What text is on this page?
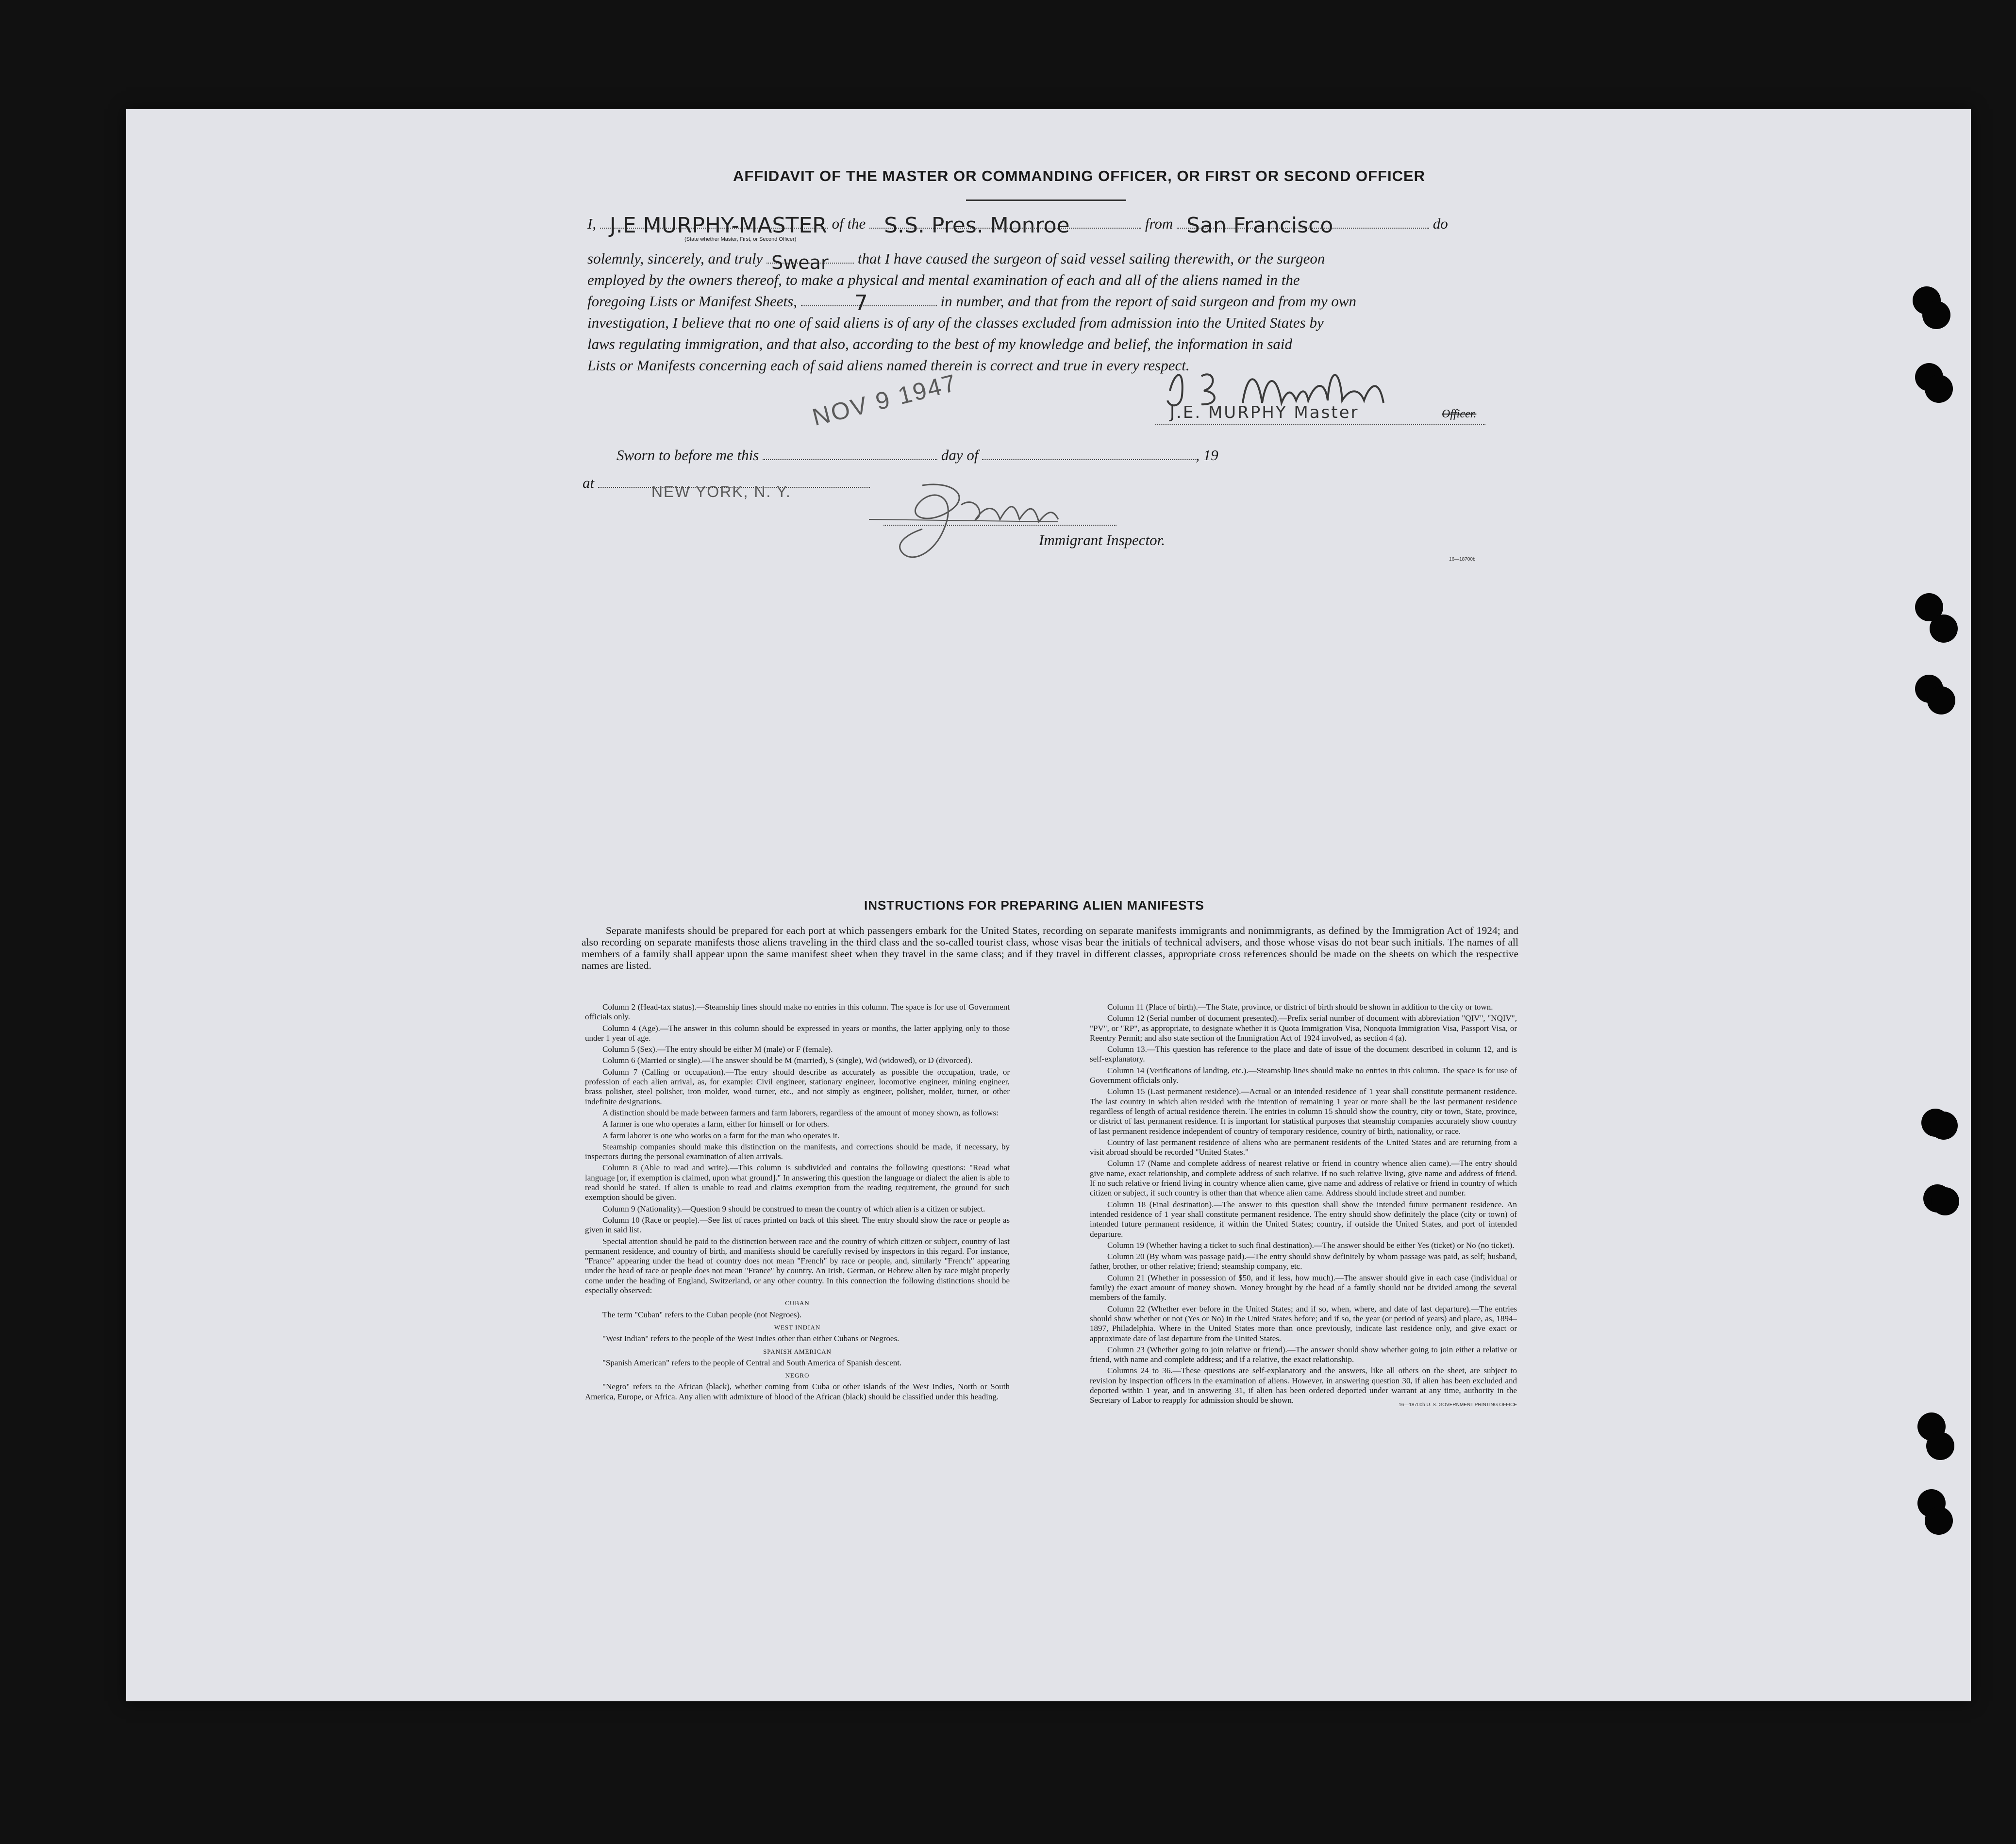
AFFIDAVIT OF THE MASTER OR COMMANDING OFFICER, OR FIRST OR SECOND OFFICER
I, J.E MURPHY-MASTER of the S.S. Pres. Monroe	from San Francisco	do
(State whether Master, First, or Second Officer)
solemnly, sincerely, and truly Swear that I have caused the surgeon of said vessel sailing therewith, or the surgeon
employed by the owners thereof, to make a physical and mental examination of each and all of the aliens named in the
foregoing Lists or Manifest Sheets,	7	in number, and that from the report of said surgeon and from my own
investigation, I believe that no one of said aliens is of any of the classes excluded from admission into the United States by
laws regulating immigration, and that also, according to the best of my knowledge and belief, the information in said
Lists or Manifests concerning each of said aliens named therein is correct and true in every respect.
J.E. MURPHY Master	Officer.
NOV 9 1947
Sworn to before me this	day of	, 19
at
NEW YORK, N. Y.
Immigrant Inspector.
16—18700b
INSTRUCTIONS FOR PREPARING ALIEN MANIFESTS
Separate manifests should be prepared for each port at which passengers embark for the United States, recording on separate manifests immigrants and nonimmigrants, as defined by the Immigration Act of 1924; and also recording on separate manifests those aliens traveling in the third class and the so-called tourist class, whose visas bear the initials of technical advisers, and those whose visas do not bear such initials. The names of all members of a family shall appear upon the same manifest sheet when they travel in the same class; and if they travel in different classes, appropriate cross references should be made on the sheets on which the respective names are listed.

Column 2 (Head-tax status).—Steamship lines should make no entries in this column. The space is for use of Government officials only.

Column 4 (Age).—The answer in this column should be expressed in years or months, the latter applying only to those under 1 year of age.

Column 5 (Sex).—The entry should be either M (male) or F (female).

Column 6 (Married or single).—The answer should be M (married), S (single), Wd (widowed), or D (divorced).

Column 7 (Calling or occupation).—The entry should describe as accurately as possible the occupation, trade, or profession of each alien arrival, as, for example: Civil engineer, stationary engineer, locomotive engineer, mining engineer, brass polisher, steel polisher, iron molder, wood turner, etc., and not simply as engineer, polisher, molder, turner, or other indefinite designations.

A distinction should be made between farmers and farm laborers, regardless of the amount of money shown, as follows:

A farmer is one who operates a farm, either for himself or for others.

A farm laborer is one who works on a farm for the man who operates it.

Steamship companies should make this distinction on the manifests, and corrections should be made, if necessary, by inspectors during the personal examination of alien arrivals.

Column 8 (Able to read and write).—This column is subdivided and contains the following questions: "Read what language [or, if exemption is claimed, upon what ground]." In answering this question the language or dialect the alien is able to read should be stated. If alien is unable to read and claims exemption from the reading requirement, the ground for such exemption should be given.

Column 9 (Nationality).—Question 9 should be construed to mean the country of which alien is a citizen or subject.

Column 10 (Race or people).—See list of races printed on back of this sheet. The entry should show the race or people as given in said list.

Special attention should be paid to the distinction between race and the country of which citizen or subject, country of last permanent residence, and country of birth, and manifests should be carefully revised by inspectors in this regard. For instance, "France" appearing under the head of country does not mean "French" by race or people, and, similarly "French" appearing under the head of race or people does not mean "France" by country. An Irish, German, or Hebrew alien by race might properly come under the heading of England, Switzerland, or any other country. In this connection the following distinctions should be especially observed:

CUBAN

The term "Cuban" refers to the Cuban people (not Negroes).

WEST INDIAN

"West Indian" refers to the people of the West Indies other than either Cubans or Negroes.

SPANISH AMERICAN

"Spanish American" refers to the people of Central and South America of Spanish descent.

NEGRO

"Negro" refers to the African (black), whether coming from Cuba or other islands of the West Indies, North or South America, Europe, or Africa. Any alien with admixture of blood of the African (black) should be classified under this heading.

Column 11 (Place of birth).—The State, province, or district of birth should be shown in addition to the city or town.

Column 12 (Serial number of document presented).—Prefix serial number of document with abbreviation "QIV", "NQIV", "PV", or "RP", as appropriate, to designate whether it is Quota Immigration Visa, Nonquota Immigration Visa, Passport Visa, or Reentry Permit; and also state section of the Immigration Act of 1924 involved, as section 4 (a).

Column 13.—This question has reference to the place and date of issue of the document described in column 12, and is self-explanatory.

Column 14 (Verifications of landing, etc.).—Steamship lines should make no entries in this column. The space is for use of Government officials only.

Column 15 (Last permanent residence).—Actual or an intended residence of 1 year shall constitute permanent residence. The last country in which alien resided with the intention of remaining 1 year or more shall be the last permanent residence regardless of length of actual residence therein. The entries in column 15 should show the country, city or town, State, province, or district of last permanent residence. It is important for statistical purposes that steamship companies accurately show country of last permanent residence independent of country of temporary residence, country of birth, nationality, or race.

Country of last permanent residence of aliens who are permanent residents of the United States and are returning from a visit abroad should be recorded "United States."

Column 17 (Name and complete address of nearest relative or friend in country whence alien came).—The entry should give name, exact relationship, and complete address of such relative. If no such relative living, give name and address of friend. If no such relative or friend living in country whence alien came, give name and address of relative or friend in country of which citizen or subject, if such country is other than that whence alien came. Address should include street and number.

Column 18 (Final destination).—The answer to this question shall show the intended future permanent residence. An intended residence of 1 year shall constitute permanent residence. The entry should show definitely the place (city or town) of intended future permanent residence, if within the United States; country, if outside the United States, and port of intended departure.

Column 19 (Whether having a ticket to such final destination).—The answer should be either Yes (ticket) or No (no ticket).

Column 20 (By whom was passage paid).—The entry should show definitely by whom passage was paid, as self; husband, father, brother, or other relative; friend; steamship company, etc.

Column 21 (Whether in possession of $50, and if less, how much).—The answer should give in each case (individual or family) the exact amount of money shown. Money brought by the head of a family should not be divided among the several members of the family.

Column 22 (Whether ever before in the United States; and if so, when, where, and date of last departure).—The entries should show whether or not (Yes or No) in the United States before; and if so, the year (or period of years) and place, as, 1894–1897, Philadelphia. Where in the United States more than once previously, indicate last residence only, and give exact or approximate date of last departure from the United States.

Column 23 (Whether going to join relative or friend).—The answer should show whether going to join either a relative or friend, with name and complete address; and if a relative, the exact relationship.

Columns 24 to 36.—These questions are self-explanatory and the answers, like all others on the sheet, are subject to revision by inspection officers in the examination of aliens. However, in answering question 30, if alien has been excluded and deported within 1 year, and in answering 31, if alien has been ordered deported under warrant at any time, authority in the Secretary of Labor to reapply for admission should be shown.	16—18700b U. S. GOVERNMENT PRINTING OFFICE
